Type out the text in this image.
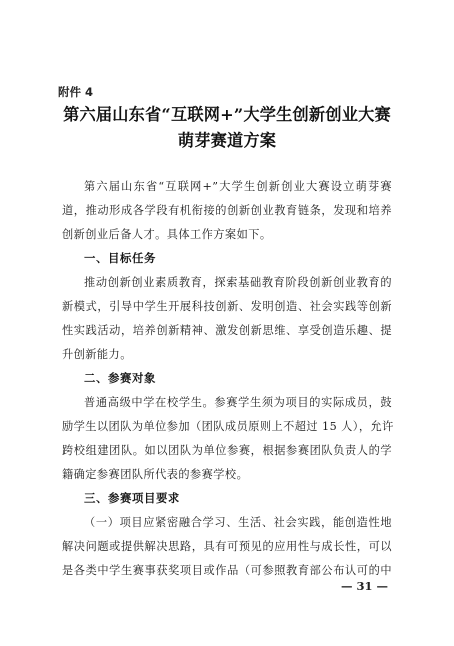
附件 4
第六届山东省“互联网+”大学生创新创业大赛
萌芽赛道方案
第六届山东省“互联网+”大学生创新创业大赛设立萌芽赛
道，推动形成各学段有机衔接的创新创业教育链条，发现和培养
创新创业后备人才。具体工作方案如下。
一、目标任务
推动创新创业素质教育，探索基础教育阶段创新创业教育的
新模式，引导中学生开展科技创新、发明创造、社会实践等创新
性实践活动，培养创新精神、激发创新思维、享受创造乐趣、提
升创新能力。
二、参赛对象
普通高级中学在校学生。参赛学生须为项目的实际成员，鼓
励学生以团队为单位参加（团队成员原则上不超过 15 人），允许
跨校组建团队。如以团队为单位参赛，根据参赛团队负责人的学
籍确定参赛团队所代表的参赛学校。
三、参赛项目要求
（一）项目应紧密融合学习、生活、社会实践，能创造性地
解决问题或提供解决思路，具有可预见的应用性与成长性，可以
是各类中学生赛事获奖项目或作品（可参照教育部公布认可的中
— 31 —
